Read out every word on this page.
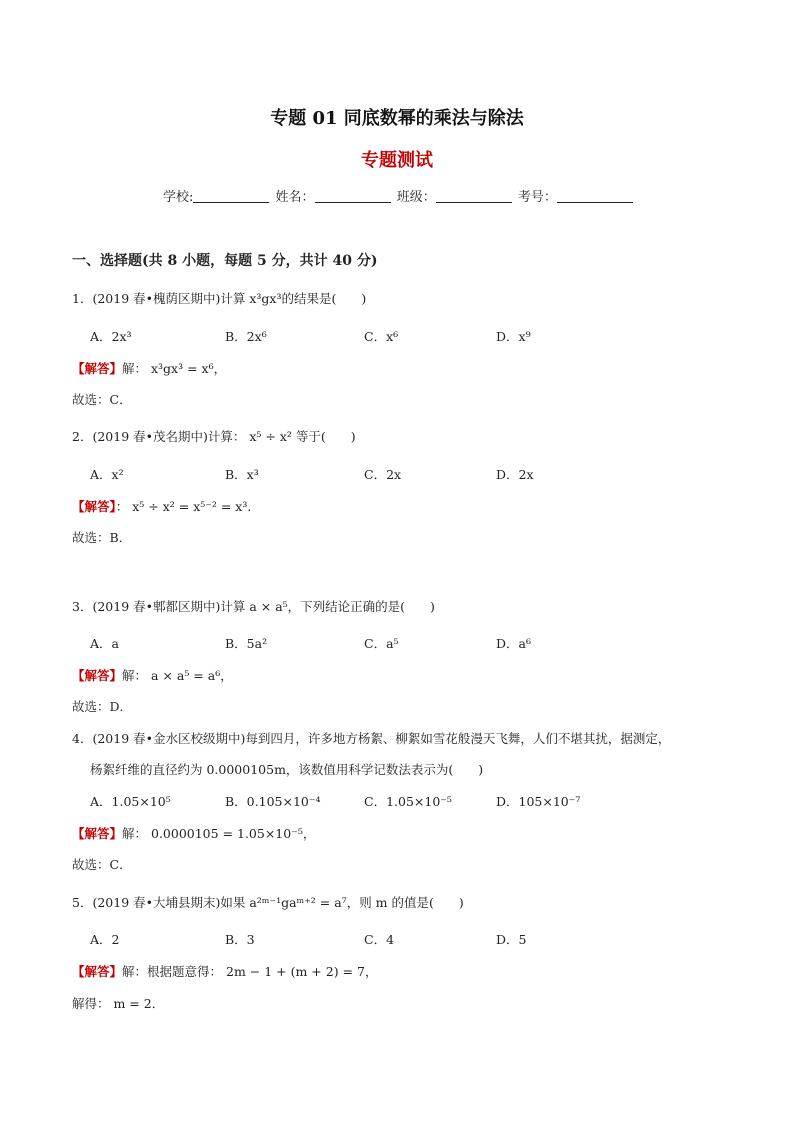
专题 01 同底数幂的乘法与除法
专题测试
学校:	姓名：	班级：	考号：
一、选择题(共 8 小题，每题 5 分，共计 40 分)
1．(2019 春•槐荫区期中)计算 x³gx³的结果是(　　)
A．2x³	B．2x⁶	C．x⁶	D．x⁹
【解答】解： x³gx³ = x⁶，
故选：C．
2．(2019 春•茂名期中)计算： x⁵ ÷ x² 等于(　　)
A．x²	B．x³	C．2x	D．2x
【解答】： x⁵ ÷ x² = x⁵⁻² = x³．
故选：B．
3．(2019 春•郫都区期中)计算 a × a⁵，下列结论正确的是(　　)
A．a	B．5a²	C．a⁵	D．a⁶
【解答】解： a × a⁵ = a⁶，
故选：D．
4．(2019 春•金水区校级期中)每到四月，许多地方杨絮、柳絮如雪花般漫天飞舞，人们不堪其扰，据测定，
杨絮纤维的直径约为 0.0000105m，该数值用科学记数法表示为(　　)
A．1.05×10⁵	B．0.105×10⁻⁴	C．1.05×10⁻⁵	D．105×10⁻⁷
【解答】解： 0.0000105 = 1.05×10⁻⁵，
故选：C．
5．(2019 春•大埔县期末)如果 a²ᵐ⁻¹gaᵐ⁺² = a⁷，则 m 的值是(　　)
A．2	B．3	C．4	D．5
【解答】解：根据题意得： 2m − 1 + (m + 2) = 7，
解得： m = 2．
